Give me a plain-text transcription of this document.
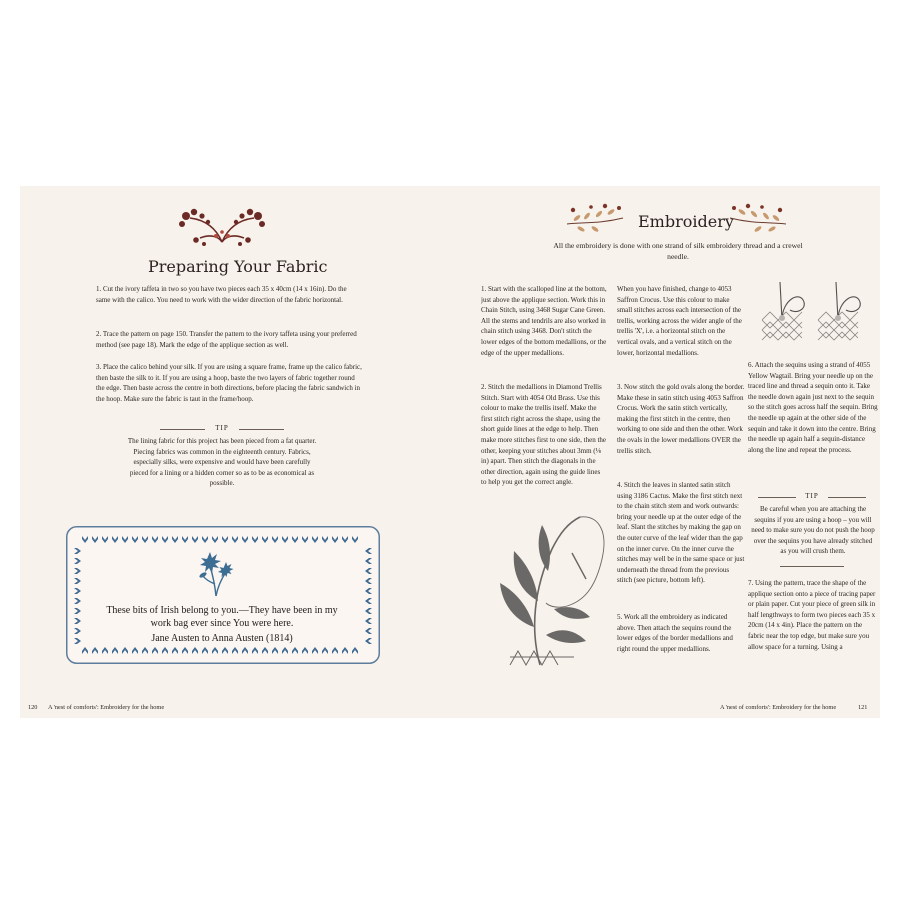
Preparing Your Fabric
1. Cut the ivory taffeta in two so you have two pieces each 35 x 40cm (14 x 16in). Do the same with the calico. You need to work with the wider direction of the fabric horizontal.
2. Trace the pattern on page 150. Transfer the pattern to the ivory taffeta using your preferred method (see page 18). Mark the edge of the applique section as well.
3. Place the calico behind your silk. If you are using a square frame, frame up the calico fabric, then baste the silk to it. If you are using a hoop, baste the two layers of fabric together round the edge. Then baste across the centre in both directions, before placing the fabric sandwich in the hoop. Make sure the fabric is taut in the frame/hoop.
TIP
The lining fabric for this project has been pieced from a fat quarter. Piecing fabrics was common in the eighteenth century. Fabrics, especially silks, were expensive and would have been carefully pieced for a lining or a hidden corner so as to be as economical as possible.
These bits of Irish belong to you.—They have been in my work bag ever since You were here.
Jane Austen to Anna Austen (1814)
120 A 'nest of comforts': Embroidery for the home
Embroidery
All the embroidery is done with one strand of silk embroidery thread and a crewel needle.
1. Start with the scalloped line at the bottom, just above the applique section. Work this in Chain Stitch, using 3468 Sugar Cane Green. All the stems and tendrils are also worked in chain stitch using 3468. Don't stitch the lower edges of the bottom medallions, or the edge of the upper medallions.
2. Stitch the medallions in Diamond Trellis Stitch. Start with 4054 Old Brass. Use this colour to make the trellis itself. Make the first stitch right across the shape, using the short guide lines at the edge to help. Then make more stitches first to one side, then the other, keeping your stitches about 3mm (⅛ in) apart. Then stitch the diagonals in the other direction, again using the guide lines to help you get the correct angle.
When you have finished, change to 4053 Saffron Crocus. Use this colour to make small stitches across each intersection of the trellis, working across the wider angle of the trellis 'X', i.e. a horizontal stitch on the vertical ovals, and a vertical stitch on the lower, horizontal medallions.
3. Now stitch the gold ovals along the border. Make these in satin stitch using 4053 Saffron Crocus. Work the satin stitch vertically, making the first stitch in the centre, then working to one side and then the other. Work the ovals in the lower medallions OVER the trellis stitch.
4. Stitch the leaves in slanted satin stitch using 3186 Cactus. Make the first stitch next to the chain stitch stem and work outwards: bring your needle up at the outer edge of the leaf. Slant the stitches by making the gap on the outer curve of the leaf wider than the gap on the inner curve. On the inner curve the stitches may well be in the same space or just underneath the thread from the previous stitch (see picture, bottom left).
5. Work all the embroidery as indicated above. Then attach the sequins round the lower edges of the border medallions and right round the upper medallions.
6. Attach the sequins using a strand of 4055 Yellow Wagtail. Bring your needle up on the traced line and thread a sequin onto it. Take the needle down again just next to the sequin so the stitch goes across half the sequin. Bring the needle up again at the other side of the sequin and take it down into the centre. Bring the needle up again half a sequin-distance along the line and repeat the process.
TIP
Be careful when you are attaching the sequins if you are using a hoop – you will need to make sure you do not push the hoop over the sequins you have already stitched as you will crush them.
7. Using the pattern, trace the shape of the applique section onto a piece of tracing paper or plain paper. Cut your piece of green silk in half lengthways to form two pieces each 35 x 20cm (14 x 4in). Place the pattern on the fabric near the top edge, but make sure you allow space for a turning. Using a
A 'nest of comforts': Embroidery for the home	121
